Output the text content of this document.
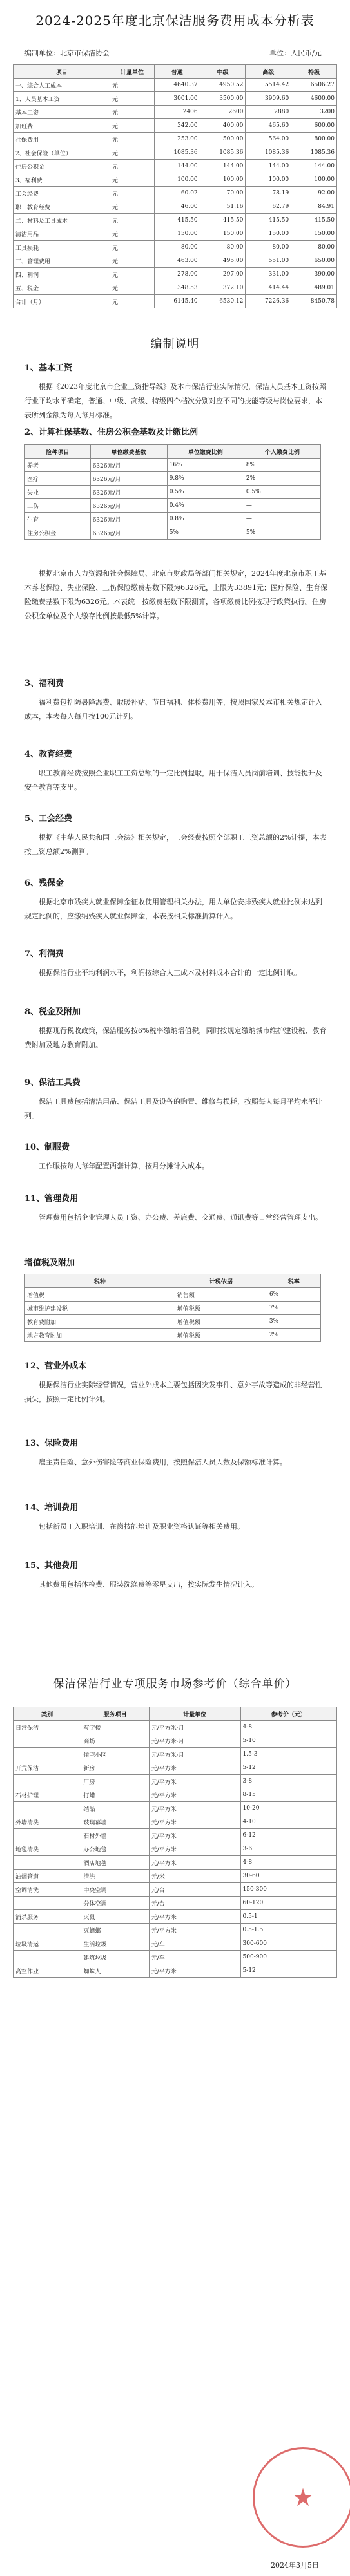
2024-2025年度北京保洁服务费用成本分析表
编制单位：北京市保洁协会	单位：人民币/元
项目	计量单位	普通	中级	高级	特级
一、综合人工成本	元	4640.37	4950.52	5514.42	6506.27
1、人员基本工资	元	3001.00	3500.00	3909.60	4600.00
基本工资	元	2406	2600	2880	3200
加班费	元	342.00	400.00	465.60	600.00
社保费用	元	253.00	500.00	564.00	800.00
2、社会保险（单位）	元	1085.36	1085.36	1085.36	1085.36
住房公积金	元	144.00	144.00	144.00	144.00
3、福利费	元	100.00	100.00	100.00	100.00
工会经费	元	60.02	70.00	78.19	92.00
职工教育经费	元	46.00	51.16	62.79	84.91
二、材料及工具成本	元	415.50	415.50	415.50	415.50
清洁用品	元	150.00	150.00	150.00	150.00
工具损耗	元	80.00	80.00	80.00	80.00
三、管理费用	元	463.00	495.00	551.00	650.00
四、利润	元	278.00	297.00	331.00	390.00
五、税金	元	348.53	372.10	414.44	489.01
合计（月）	元	6145.40	6530.12	7226.36	8450.78
编制说明
1、基本工资
根据《2023年度北京市企业工资指导线》及本市保洁行业实际情况，保洁人员基本工资按照行业平均水平确定，普通、中级、高级、特级四个档次分别对应不同的技能等级与岗位要求，本表所列金额为每人每月标准。
2、计算社保基数、住房公积金基数及计缴比例
险种项目	单位缴费基数	单位缴费比例	个人缴费比例
养老	6326元/月	16%	8%
医疗	6326元/月	9.8%	2%
失业	6326元/月	0.5%	0.5%
工伤	6326元/月	0.4%	—
生育	6326元/月	0.8%	—
住房公积金	6326元/月	5%	5%
根据北京市人力资源和社会保障局、北京市财政局等部门相关规定，2024年度北京市职工基本养老保险、失业保险、工伤保险缴费基数下限为6326元，上限为33891元；医疗保险、生育保险缴费基数下限为6326元。本表统一按缴费基数下限测算，各项缴费比例按现行政策执行。住房公积金单位及个人缴存比例按最低5%计算。
3、福利费
福利费包括防暑降温费、取暖补贴、节日福利、体检费用等，按照国家及本市相关规定计入成本，本表每人每月按100元计列。
4、教育经费
职工教育经费按照企业职工工资总额的一定比例提取，用于保洁人员岗前培训、技能提升及安全教育等支出。
5、工会经费
根据《中华人民共和国工会法》相关规定，工会经费按照全部职工工资总额的2%计提，本表按工资总额2%测算。
6、残保金
根据北京市残疾人就业保障金征收使用管理相关办法，用人单位安排残疾人就业比例未达到规定比例的，应缴纳残疾人就业保障金，本表按相关标准折算计入。
7、利润费
根据保洁行业平均利润水平，利润按综合人工成本及材料成本合计的一定比例计取。
8、税金及附加
根据现行税收政策，保洁服务按6%税率缴纳增值税，同时按规定缴纳城市维护建设税、教育费附加及地方教育附加。
9、保洁工具费
保洁工具费包括清洁用品、保洁工具及设备的购置、维修与损耗，按照每人每月平均水平计列。
10、制服费
工作服按每人每年配置两套计算，按月分摊计入成本。
11、管理费用
管理费用包括企业管理人员工资、办公费、差旅费、交通费、通讯费等日常经营管理支出。
增值税及附加
税种	计税依据	税率
增值税	销售额	6%
城市维护建设税	增值税额	7%
教育费附加	增值税额	3%
地方教育附加	增值税额	2%
12、营业外成本
根据保洁行业实际经营情况，营业外成本主要包括因突发事件、意外事故等造成的非经营性损失，按照一定比例计列。
13、保险费用
雇主责任险、意外伤害险等商业保险费用，按照保洁人员人数及保额标准计算。
14、培训费用
包括新员工入职培训、在岗技能培训及职业资格认证等相关费用。
15、其他费用
其他费用包括体检费、服装洗涤费等零星支出，按实际发生情况计入。
保洁保洁行业专项服务市场参考价（综合单价）
类别	服务项目	计量单位	参考价（元）
日常保洁	写字楼	元/平方米·月	4-8
	商场	元/平方米·月	5-10
	住宅小区	元/平方米·月	1.5-3
开荒保洁	新房	元/平方米	5-12
	厂房	元/平方米	3-8
石材护理	打蜡	元/平方米	8-15
	结晶	元/平方米	10-20
外墙清洗	玻璃幕墙	元/平方米	4-10
	石材外墙	元/平方米	6-12
地毯清洗	办公地毯	元/平方米	3-6
	酒店地毯	元/平方米	4-8
油烟管道	清洗	元/米	30-60
空调清洗	中央空调	元/台	150-300
	分体空调	元/台	60-120
消杀服务	灭鼠	元/平方米	0.5-1
	灭蟑螂	元/平方米	0.5-1.5
垃圾清运	生活垃圾	元/车	300-600
	建筑垃圾	元/车	500-900
高空作业	蜘蛛人	元/平方米	5-12
★
2024年3月5日
